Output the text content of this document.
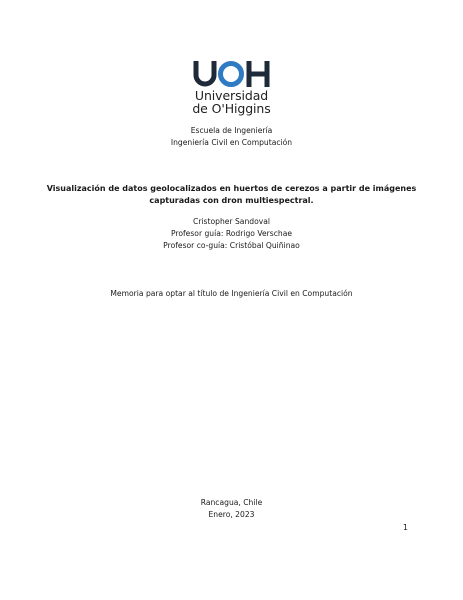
Universidad
de O'Higgins
Escuela de Ingeniería
Ingeniería Civil en Computación
Visualización de datos geolocalizados en huertos de cerezos a partir de imágenes capturadas con dron multiespectral.
Cristopher Sandoval
Profesor guía: Rodrigo Verschae
Profesor co-guía: Cristóbal Quiñinao
Memoria para optar al título de Ingeniería Civil en Computación
Rancagua, Chile
Enero, 2023
1
